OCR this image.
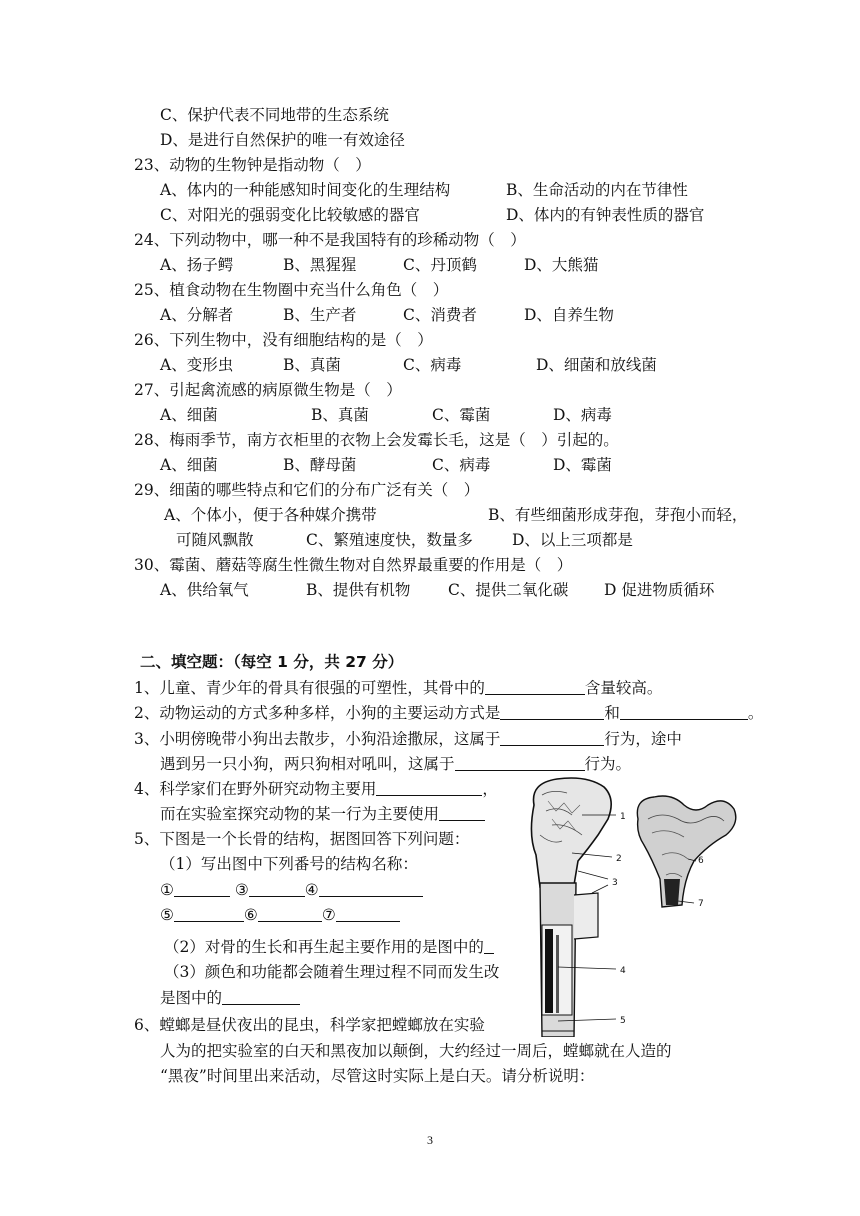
C、保护代表不同地带的生态系统
D、是进行自然保护的唯一有效途径
23、动物的生物钟是指动物（　）
A、体内的一种能感知时间变化的生理结构	B、生命活动的内在节律性
C、对阳光的强弱变化比较敏感的器官	D、体内的有钟表性质的器官
24、下列动物中，哪一种不是我国特有的珍稀动物（　）
A、扬子鳄	B、黑猩猩	C、丹顶鹤	D、大熊猫
25、植食动物在生物圈中充当什么角色（　）
A、分解者	B、生产者	C、消费者	D、自养生物
26、下列生物中，没有细胞结构的是（　）
A、变形虫	B、真菌	C、病毒	D、细菌和放线菌
27、引起禽流感的病原微生物是（　）
A、细菌	B、真菌	C、霉菌	D、病毒
28、梅雨季节，南方衣柜里的衣物上会发霉长毛，这是（　）引起的。
A、细菌	B、酵母菌	C、病毒	D、霉菌
29、细菌的哪些特点和它们的分布广泛有关（　）
A、个体小，便于各种媒介携带	B、有些细菌形成芽孢，芽孢小而轻，
可随风飘散	C、繁殖速度快，数量多	D、以上三项都是
30、霉菌、蘑菇等腐生性微生物对自然界最重要的作用是（　）
A、供给氧气	B、提供有机物 C、提供二氧化碳 D 促进物质循环
二、填空题：（每空 1 分，共 27 分）
1、儿童、青少年的骨具有很强的可塑性，其骨中的	含量较高。
2、动物运动的方式多种多样，小狗的主要运动方式是	和	。
3、小明傍晚带小狗出去散步，小狗沿途撒尿，这属于	行为，途中
遇到另一只小狗，两只狗相对吼叫，这属于	行为。
4、科学家们在野外研究动物主要用	，
而在实验室探究动物的某一行为主要使用
5、下图是一个长骨的结构，据图回答下列问题：
（1）写出图中下列番号的结构名称：
①	③	④
⑤	⑥	⑦
（2）对骨的生长和再生起主要作用的是图中的
（3）颜色和功能都会随着生理过程不同而发生改
是图中的
6、螳螂是昼伏夜出的昆虫，科学家把螳螂放在实验
人为的把实验室的白天和黑夜加以颠倒，大约经过一周后，螳螂就在人造的
“黑夜”时间里出来活动，尽管这时实际上是白天。请分析说明：
1
2
3
4
5
6
7
3
